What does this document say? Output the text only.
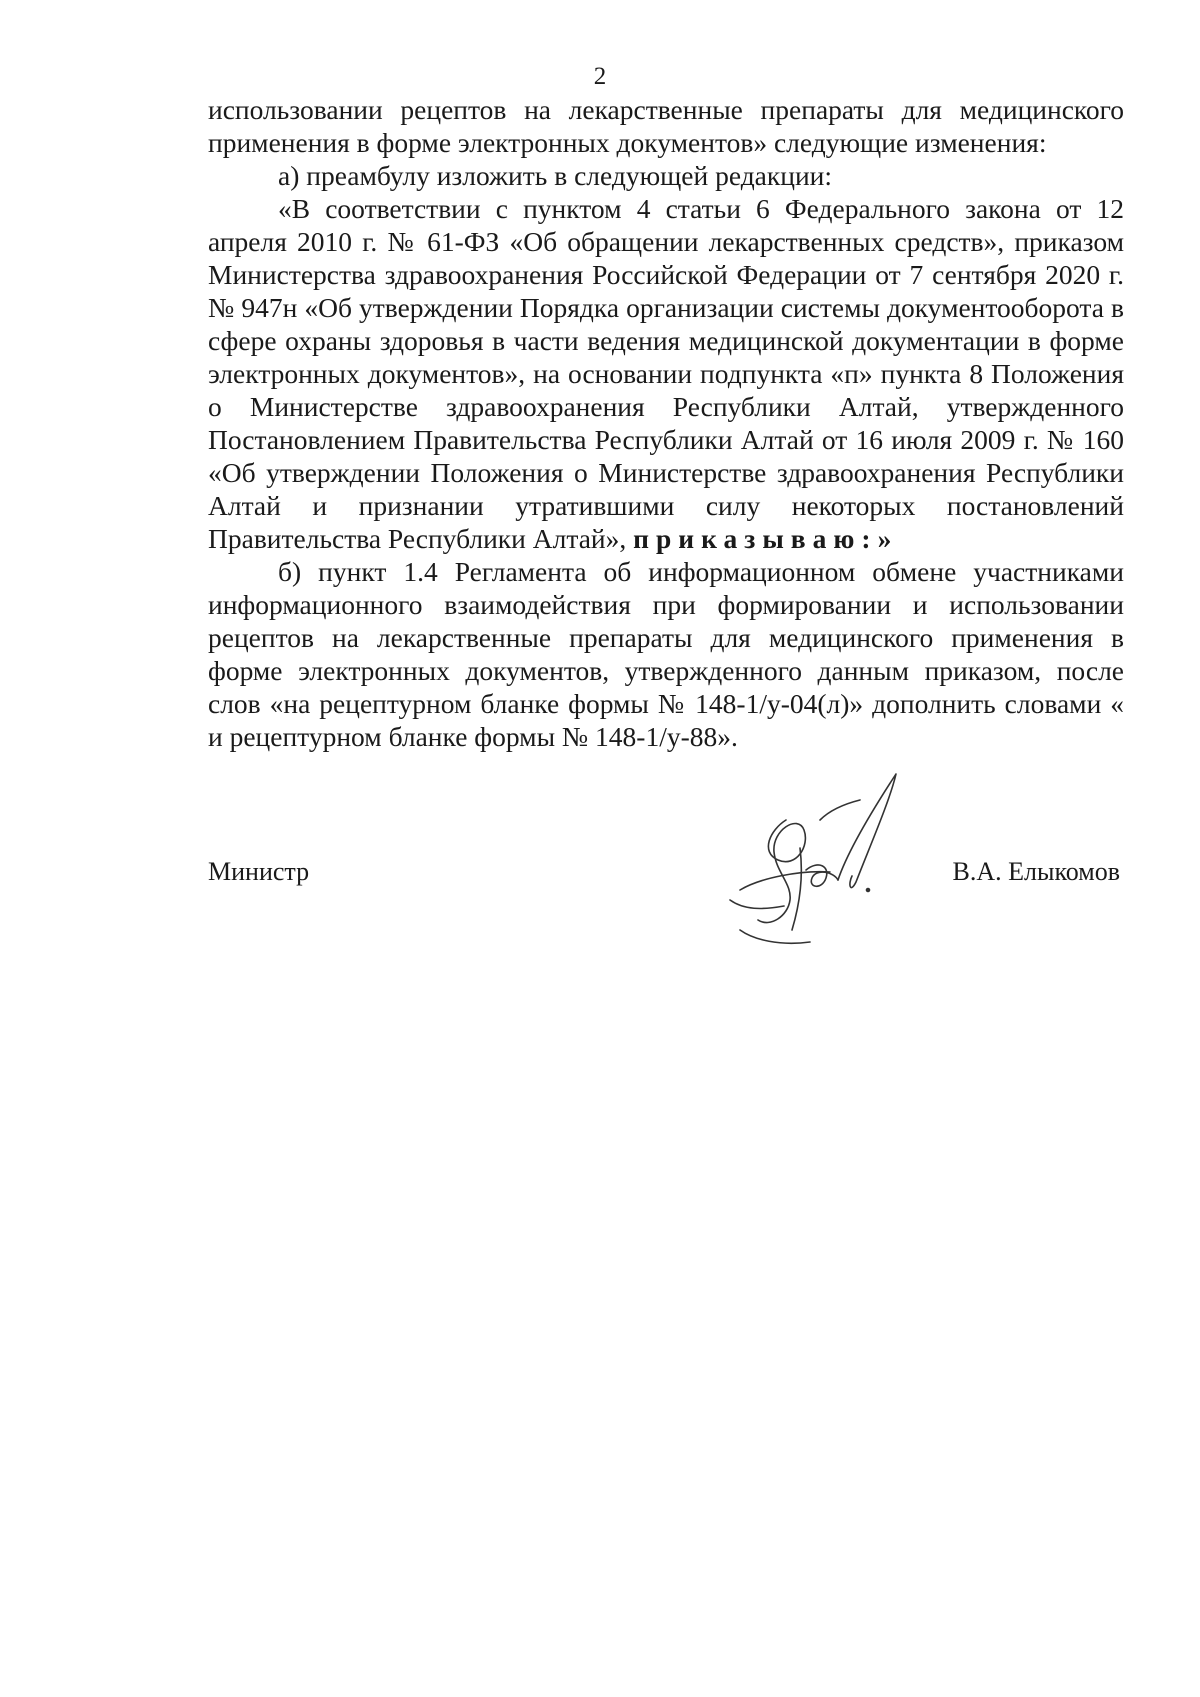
2

использовании рецептов на лекарственные препараты для медицинского применения в форме электронных документов» следующие изменения:

а) преамбулу изложить в следующей редакции:

«В соответствии с пунктом 4 статьи 6 Федерального закона от 12 апреля 2010 г. № 61-ФЗ «Об обращении лекарственных средств», приказом Министерства здравоохранения Российской Федерации от 7 сентября 2020 г. № 947н «Об утверждении Порядка организации системы документооборота в сфере охраны здоровья в части ведения медицинской документации в форме электронных документов», на основании подпункта «п» пункта 8 Положения о Министерстве здравоохранения Республики Алтай, утвержденного Постановлением Правительства Республики Алтай от 16 июля 2009 г. № 160 «Об утверждении Положения о Министерстве здравоохранения Республики Алтай и признании утратившими силу некоторых постановлений Правительства Республики Алтай», приказываю:»

б) пункт 1.4 Регламента об информационном обмене участниками информационного взаимодействия при формировании и использовании рецептов на лекарственные препараты для медицинского применения в форме электронных документов, утвержденного данным приказом, после слов «на рецептурном бланке формы № 148-1/у-04(л)» дополнить словами « и рецептурном бланке формы № 148-1/у-88».

Министр	В.А. Елыкомов
